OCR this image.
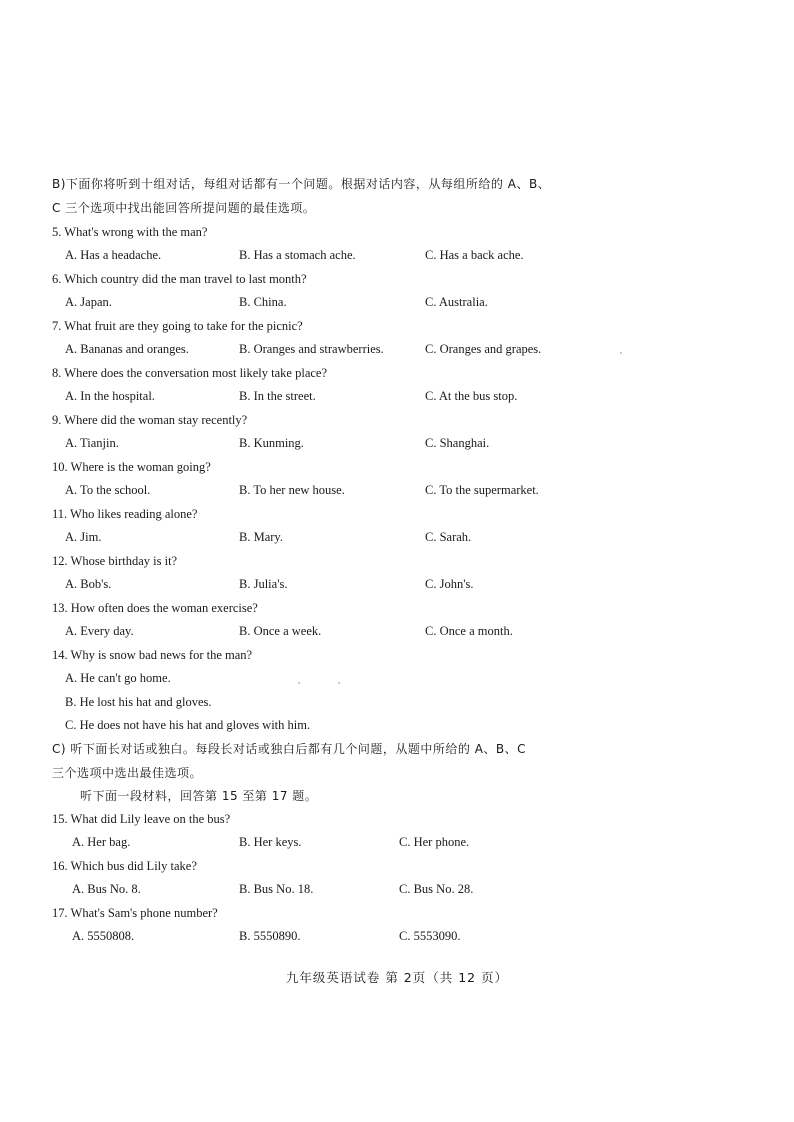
B)下面你将听到十组对话，每组对话都有一个问题。根据对话内容，从每组所给的 A、B、
C 三个选项中找出能回答所提问题的最佳选项。
5. What's wrong with the man?
A. Has a headache.	B. Has a stomach ache.	C. Has a back ache.
6. Which country did the man travel to last month?
A. Japan.	B. China.	C. Australia.
7. What fruit are they going to take for the picnic?
A. Bananas and oranges.	B. Oranges and strawberries.	C. Oranges and grapes.
8. Where does the conversation most likely take place?
A. In the hospital.	B. In the street.	C. At the bus stop.
9. Where did the woman stay recently?
A. Tianjin.	B. Kunming.	C. Shanghai.
10. Where is the woman going?
A. To the school.	B. To her new house.	C. To the supermarket.
11. Who likes reading alone?
A. Jim.	B. Mary.	C. Sarah.
12. Whose birthday is it?
A. Bob's.	B. Julia's.	C. John's.
13. How often does the woman exercise?
A. Every day.	B. Once a week.	C. Once a month.
14. Why is snow bad news for the man?
A. He can't go home.
B. He lost his hat and gloves.
C. He does not have his hat and gloves with him.
C) 听下面长对话或独白。每段长对话或独白后都有几个问题，从题中所给的 A、B、C
三个选项中选出最佳选项。
听下面一段材料，回答第 15 至第 17 题。
15. What did Lily leave on the bus?
A. Her bag.	B. Her keys.	C. Her phone.
16. Which bus did Lily take?
A. Bus No. 8.	B. Bus No. 18.	C. Bus No. 28.
17. What's Sam's phone number?
A. 5550808.	B. 5550890.	C. 5553090.
九年级英语试卷 第 2页（共 12 页）
